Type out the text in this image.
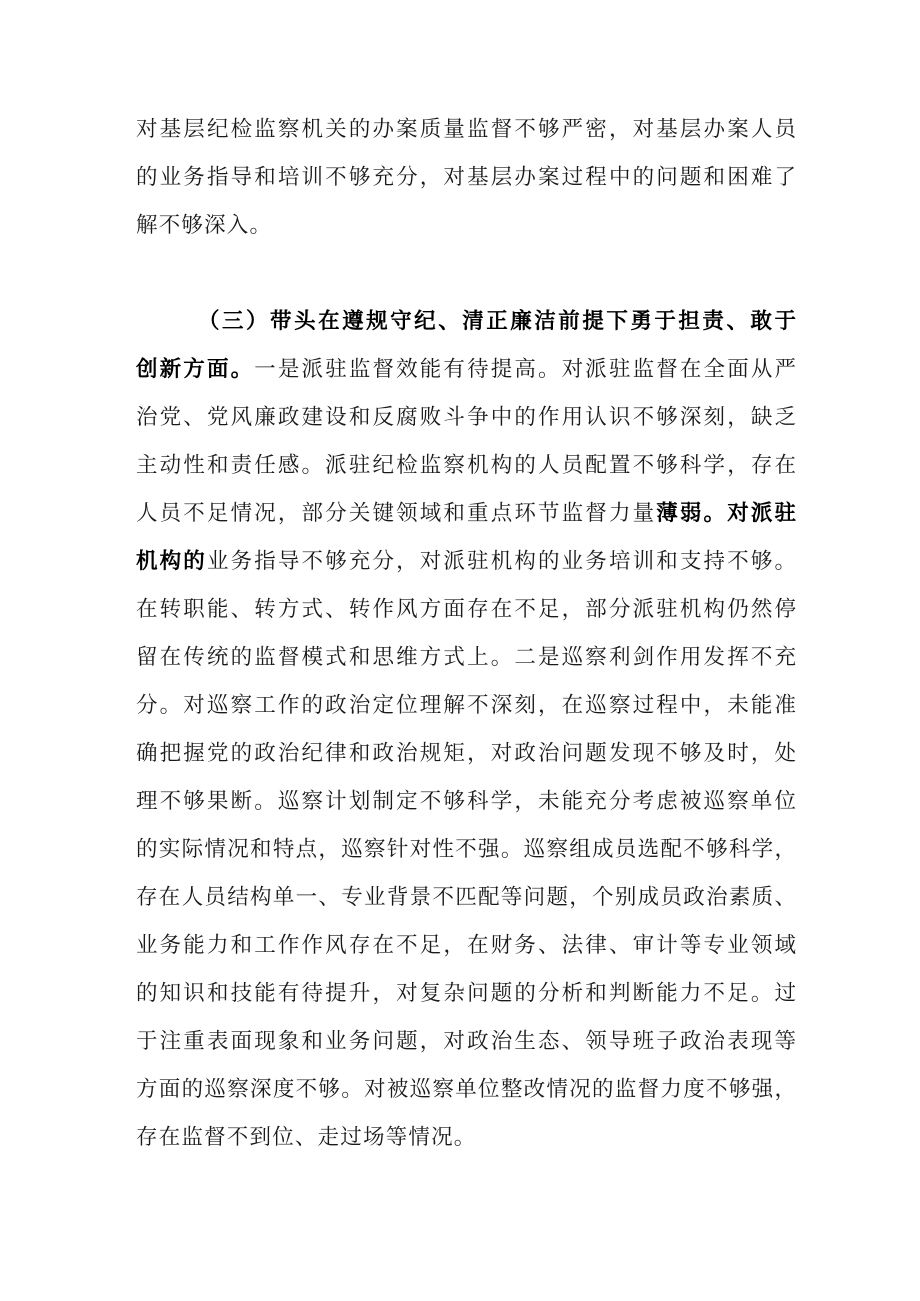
对基层纪检监察机关的办案质量监督不够严密，对基层办案人员
的业务指导和培训不够充分，对基层办案过程中的问题和困难了
解不够深入。
（三）带头在遵规守纪、清正廉洁前提下勇于担责、敢于
创新方面。一是派驻监督效能有待提高。对派驻监督在全面从严
治党、党风廉政建设和反腐败斗争中的作用认识不够深刻，缺乏
主动性和责任感。派驻纪检监察机构的人员配置不够科学，存在
人员不足情况，部分关键领域和重点环节监督力量薄弱。对派驻
机构的业务指导不够充分，对派驻机构的业务培训和支持不够。
在转职能、转方式、转作风方面存在不足，部分派驻机构仍然停
留在传统的监督模式和思维方式上。二是巡察利剑作用发挥不充
分。对巡察工作的政治定位理解不深刻，在巡察过程中，未能准
确把握党的政治纪律和政治规矩，对政治问题发现不够及时，处
理不够果断。巡察计划制定不够科学，未能充分考虑被巡察单位
的实际情况和特点，巡察针对性不强。巡察组成员选配不够科学，
存在人员结构单一、专业背景不匹配等问题，个别成员政治素质、
业务能力和工作作风存在不足，在财务、法律、审计等专业领域
的知识和技能有待提升，对复杂问题的分析和判断能力不足。过
于注重表面现象和业务问题，对政治生态、领导班子政治表现等
方面的巡察深度不够。对被巡察单位整改情况的监督力度不够强，
存在监督不到位、走过场等情况。
